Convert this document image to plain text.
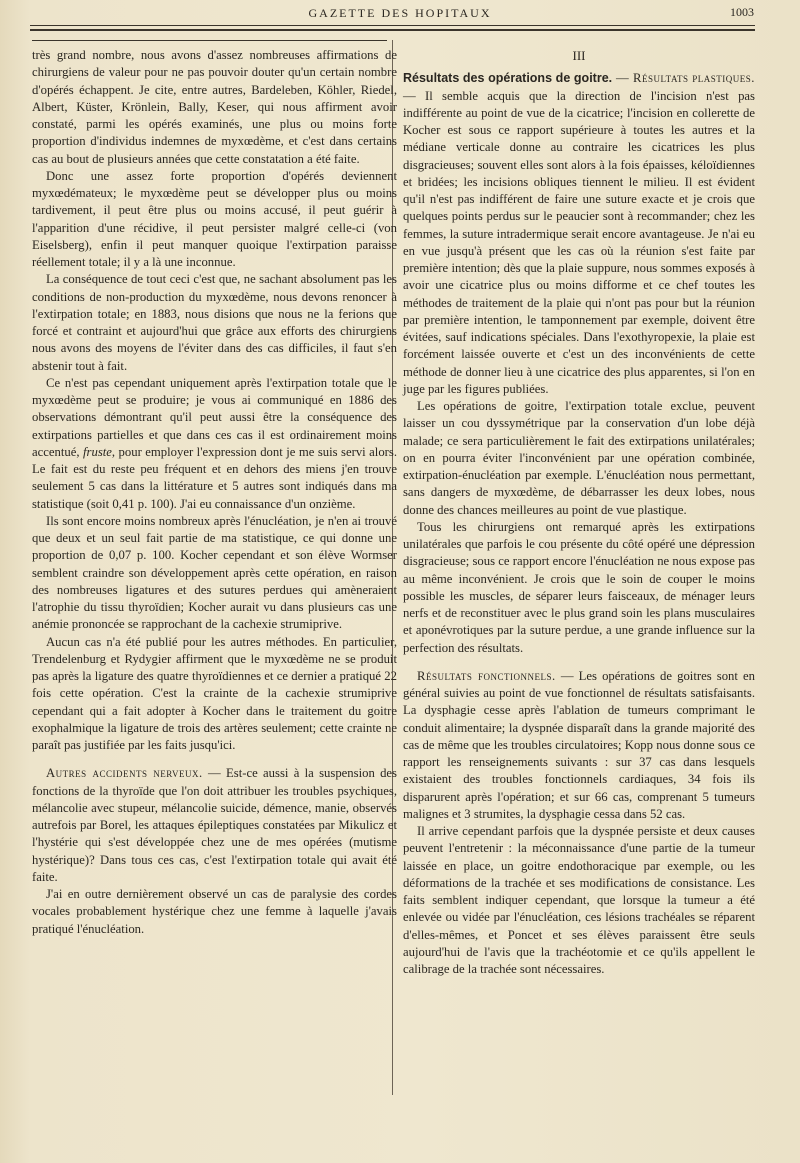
GAZETTE DES HOPITAUX	1003

très grand nombre, nous avons d'assez nombreuses affirmations de chirurgiens de valeur pour ne pas pouvoir douter qu'un certain nombre d'opérés échappent. Je cite, entre autres, Bardeleben, Köhler, Riedel, Albert, Küster, Krönlein, Bally, Keser, qui nous affirment avoir constaté, parmi les opérés examinés, une plus ou moins forte proportion d'individus indemnes de myxœdème, et c'est dans certains cas au bout de plusieurs années que cette constatation a été faite.

Donc une assez forte proportion d'opérés deviennent myxœdémateux; le myxœdème peut se développer plus ou moins tardivement, il peut être plus ou moins accusé, il peut guérir à l'apparition d'une récidive, il peut persister malgré celle-ci (von Eiselsberg), enfin il peut manquer quoique l'extirpation paraisse réellement totale; il y a là une inconnue.

La conséquence de tout ceci c'est que, ne sachant absolument pas les conditions de non-production du myxœdème, nous devons renoncer à l'extirpation totale; en 1883, nous disions que nous ne la ferions que forcé et contraint et aujourd'hui que grâce aux efforts des chirurgiens nous avons des moyens de l'éviter dans des cas difficiles, il faut s'en abstenir tout à fait.

Ce n'est pas cependant uniquement après l'extirpation totale que le myxœdème peut se produire; je vous ai communiqué en 1886 des observations démontrant qu'il peut aussi être la conséquence des extirpations partielles et que dans ces cas il est ordinairement moins accentué, fruste, pour employer l'expression dont je me suis servi alors. Le fait est du reste peu fréquent et en dehors des miens j'en trouve seulement 5 cas dans la littérature et 5 autres sont indiqués dans ma statistique (soit 0,41 p. 100). J'ai eu connaissance d'un onzième.

Ils sont encore moins nombreux après l'énucléation, je n'en ai trouvé que deux et un seul fait partie de ma statistique, ce qui donne une proportion de 0,07 p. 100. Kocher cependant et son élève Wormser semblent craindre son développement après cette opération, en raison des nombreuses ligatures et des sutures perdues qui amèneraient l'atrophie du tissu thyroïdien; Kocher aurait vu dans plusieurs cas une anémie prononcée se rapprochant de la cachexie strumiprive.

Aucun cas n'a été publié pour les autres méthodes. En particulier, Trendelenburg et Rydygier affirment que le myxœdème ne se produit pas après la ligature des quatre thyroïdiennes et ce dernier a pratiqué 22 fois cette opération. C'est la crainte de la cachexie strumiprive cependant qui a fait adopter à Kocher dans le traitement du goitre exophalmique la ligature de trois des artères seulement; cette crainte ne paraît pas justifiée par les faits jusqu'ici.

Autres accidents nerveux. — Est-ce aussi à la suspension des fonctions de la thyroïde que l'on doit attribuer les troubles psychiques, mélancolie avec stupeur, mélancolie suicide, démence, manie, observés autrefois par Borel, les attaques épileptiques constatées par Mikulicz et l'hystérie qui s'est développée chez une de mes opérées (mutisme hystérique)? Dans tous ces cas, c'est l'extirpation totale qui avait été faite.

J'ai en outre dernièrement observé un cas de paralysie des cordes vocales probablement hystérique chez une femme à laquelle j'avais pratiqué l'énucléation.

III

Résultats des opérations de goitre. — Résultats plastiques. — Il semble acquis que la direction de l'incision n'est pas indifférente au point de vue de la cicatrice; l'incision en collerette de Kocher est sous ce rapport supérieure à toutes les autres et la médiane verticale donne au contraire les cicatrices les plus disgracieuses; souvent elles sont alors à la fois épaisses, kéloïdiennes et bridées; les incisions obliques tiennent le milieu. Il est évident qu'il n'est pas indifférent de faire une suture exacte et je crois que quelques points perdus sur le peaucier sont à recommander; chez les femmes, la suture intradermique serait encore avantageuse. Je n'ai eu en vue jusqu'à présent que les cas où la réunion s'est faite par première intention; dès que la plaie suppure, nous sommes exposés à avoir une cicatrice plus ou moins difforme et ce chef toutes les méthodes de traitement de la plaie qui n'ont pas pour but la réunion par première intention, le tamponnement par exemple, doivent être évitées, sauf indications spéciales. Dans l'exothyropexie, la plaie est forcément laissée ouverte et c'est un des inconvénients de cette méthode de donner lieu à une cicatrice des plus apparentes, si l'on en juge par les figures publiées.

Les opérations de goitre, l'extirpation totale exclue, peuvent laisser un cou dyssymétrique par la conservation d'un lobe déjà malade; ce sera particulièrement le fait des extirpations unilatérales; on en pourra éviter l'inconvénient par une opération combinée, extirpation-énucléation par exemple. L'énucléation nous permettant, sans dangers de myxœdème, de débarrasser les deux lobes, nous donne des chances meilleures au point de vue plastique.

Tous les chirurgiens ont remarqué après les extirpations unilatérales que parfois le cou présente du côté opéré une dépression disgracieuse; sous ce rapport encore l'énucléation ne nous expose pas au même inconvénient. Je crois que le soin de couper le moins possible les muscles, de séparer leurs faisceaux, de ménager leurs nerfs et de reconstituer avec le plus grand soin les plans musculaires et aponévrotiques par la suture perdue, a une grande influence sur la perfection des résultats.

Résultats fonctionnels. — Les opérations de goitres sont en général suivies au point de vue fonctionnel de résultats satisfaisants. La dysphagie cesse après l'ablation de tumeurs comprimant le conduit alimentaire; la dyspnée disparaît dans la grande majorité des cas de même que les troubles circulatoires; Kopp nous donne sous ce rapport les renseignements suivants : sur 37 cas dans lesquels existaient des troubles fonctionnels cardiaques, 34 fois ils disparurent après l'opération; et sur 66 cas, comprenant 5 tumeurs malignes et 3 strumites, la dysphagie cessa dans 52 cas.

Il arrive cependant parfois que la dyspnée persiste et deux causes peuvent l'entretenir : la méconnaissance d'une partie de la tumeur laissée en place, un goitre endothoracique par exemple, ou les déformations de la trachée et ses modifications de consistance. Les faits semblent indiquer cependant, que lorsque la tumeur a été enlevée ou vidée par l'énucléation, ces lésions trachéales se réparent d'elles-mêmes, et Poncet et ses élèves paraissent être seuls aujourd'hui de l'avis que la trachéotomie et ce qu'ils appellent le calibrage de la trachée sont nécessaires.
